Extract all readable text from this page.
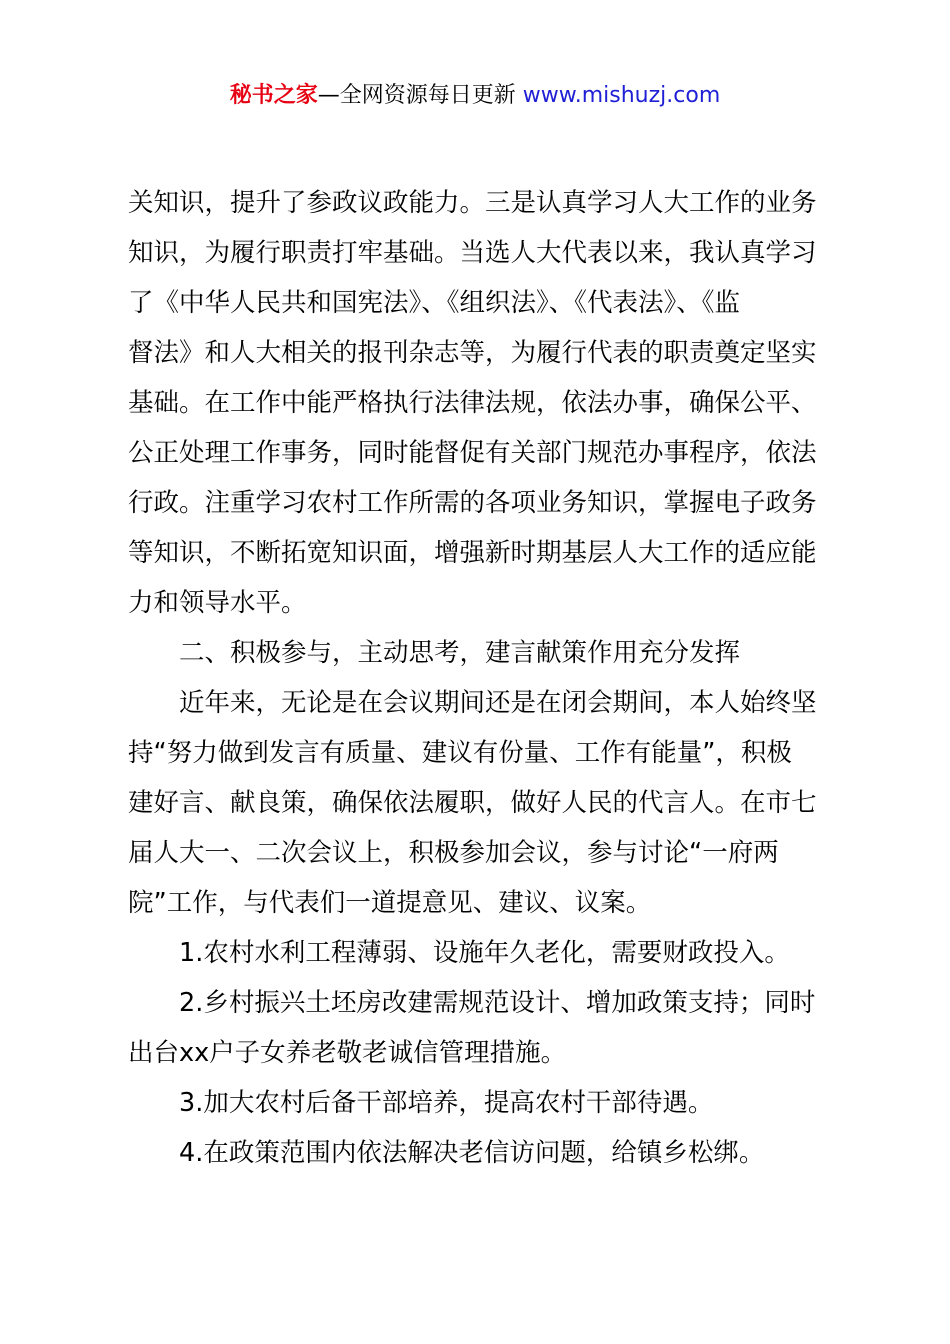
秘书之家—全网资源每日更新 www.mishuzj.com
关知识，提升了参政议政能力。三是认真学习人大工作的业务
知识，为履行职责打牢基础。当选人大代表以来，我认真学习
了《中华人民共和国宪法》、《组织法》、《代表法》、《监
督法》和人大相关的报刊杂志等，为履行代表的职责奠定坚实
基础。在工作中能严格执行法律法规，依法办事，确保公平、
公正处理工作事务，同时能督促有关部门规范办事程序，依法
行政。注重学习农村工作所需的各项业务知识，掌握电子政务
等知识，不断拓宽知识面，增强新时期基层人大工作的适应能
力和领导水平。
二、积极参与，主动思考，建言献策作用充分发挥
近年来，无论是在会议期间还是在闭会期间，本人始终坚
持“努力做到发言有质量、建议有份量、工作有能量”，积极
建好言、献良策，确保依法履职，做好人民的代言人。在市七
届人大一、二次会议上，积极参加会议，参与讨论“一府两
院”工作，与代表们一道提意见、建议、议案。
1.农村水利工程薄弱、设施年久老化，需要财政投入。
2.乡村振兴土坯房改建需规范设计、增加政策支持；同时
出台xx户子女养老敬老诚信管理措施。
3.加大农村后备干部培养，提高农村干部待遇。
4.在政策范围内依法解决老信访问题，给镇乡松绑。
